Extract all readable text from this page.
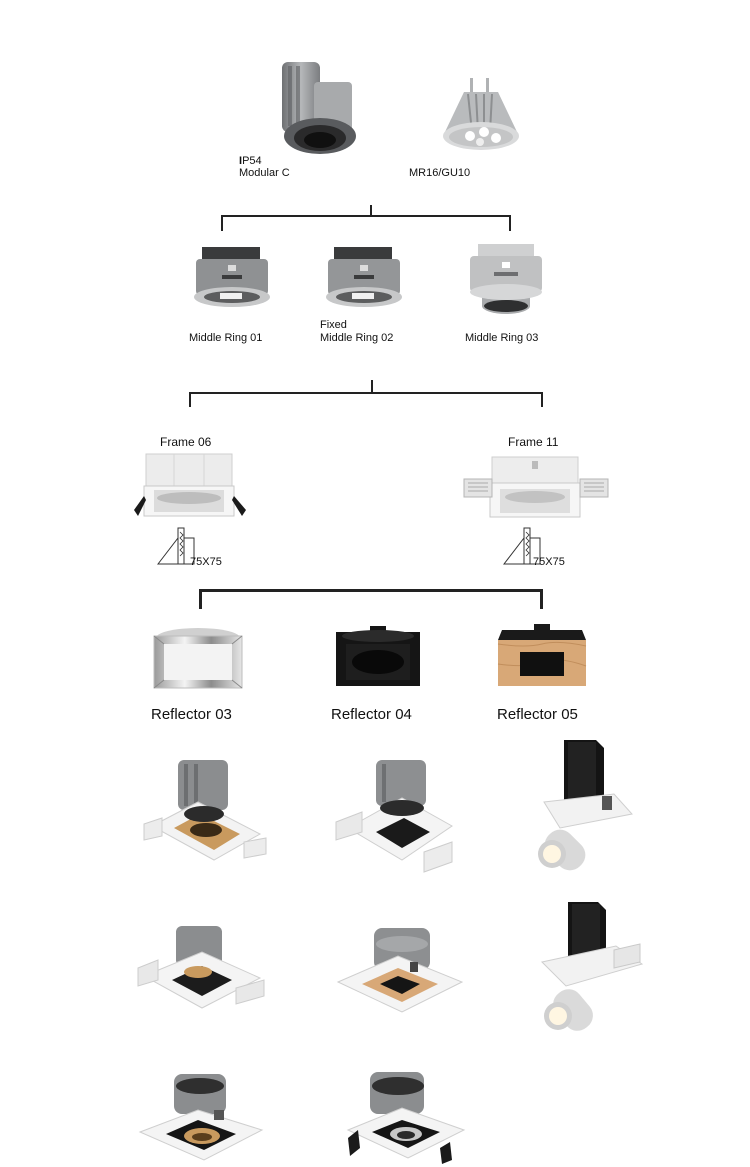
IP54
Modular C	MR16/GU10
Middle Ring 01
Fixed
Middle Ring 02	Middle Ring 03
Frame 06
75X75
Frame 11
75X75
Reflector 03	Reflector 04	Reflector 05
